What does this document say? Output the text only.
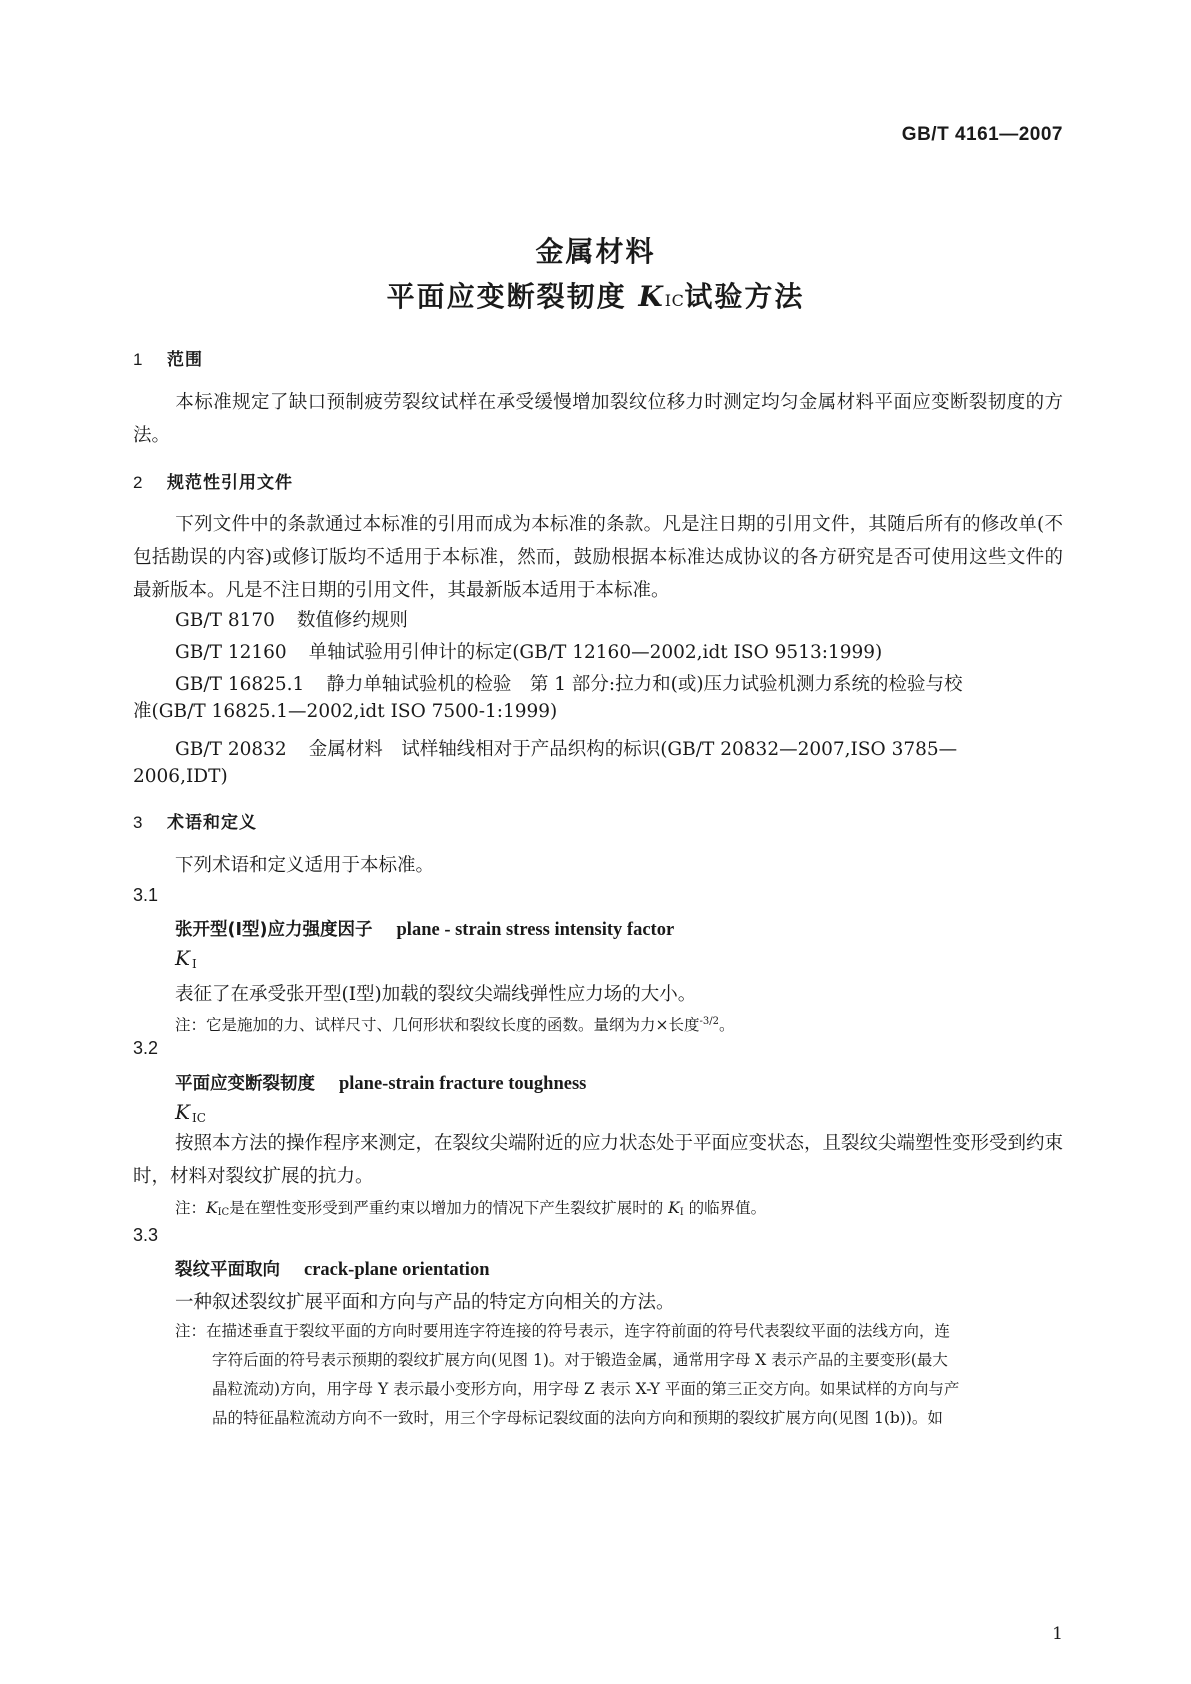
GB/T 4161—2007
金属材料
平面应变断裂韧度 KIC试验方法
1 范围
本标准规定了缺口预制疲劳裂纹试样在承受缓慢增加裂纹位移力时测定均匀金属材料平面应变断裂韧度的方法。
2 规范性引用文件
下列文件中的条款通过本标准的引用而成为本标准的条款。凡是注日期的引用文件，其随后所有的修改单(不包括勘误的内容)或修订版均不适用于本标准，然而，鼓励根据本标准达成协议的各方研究是否可使用这些文件的最新版本。凡是不注日期的引用文件，其最新版本适用于本标准。
GB/T 8170 数值修约规则
GB/T 12160 单轴试验用引伸计的标定(GB/T 12160—2002,idt ISO 9513:1999)
GB/T 16825.1 静力单轴试验机的检验　第 1 部分:拉力和(或)压力试验机测力系统的检验与校
准(GB/T 16825.1—2002,idt ISO 7500-1:1999)
GB/T 20832 金属材料　试样轴线相对于产品织构的标识(GB/T 20832—2007,ISO 3785—
2006,IDT)
3 术语和定义
下列术语和定义适用于本标准。
3.1
张开型(Ⅰ型)应力强度因子 plane - strain stress intensity factor
K $_I$
表征了在承受张开型(Ⅰ型)加载的裂纹尖端线弹性应力场的大小。
注：它是施加的力、试样尺寸、几何形状和裂纹长度的函数。量纲为力×长度$^{-3/2}$。
3.2
平面应变断裂韧度 plane-strain fracture toughness
K $_{IC}$
按照本方法的操作程序来测定，在裂纹尖端附近的应力状态处于平面应变状态，且裂纹尖端塑性变形受到约束时，材料对裂纹扩展的抗力。
注：$K_{IC}$是在塑性变形受到严重约束以增加力的情况下产生裂纹扩展时的 $K_I$ 的临界值。
3.3
裂纹平面取向 crack-plane orientation
一种叙述裂纹扩展平面和方向与产品的特定方向相关的方法。
注：在描述垂直于裂纹平面的方向时要用连字符连接的符号表示，连字符前面的符号代表裂纹平面的法线方向，连
字符后面的符号表示预期的裂纹扩展方向(见图 1)。对于锻造金属，通常用字母 X 表示产品的主要变形(最大
晶粒流动)方向，用字母 Y 表示最小变形方向，用字母 Z 表示 X-Y 平面的第三正交方向。如果试样的方向与产
品的特征晶粒流动方向不一致时，用三个字母标记裂纹面的法向方向和预期的裂纹扩展方向(见图 1(b))。如
1
